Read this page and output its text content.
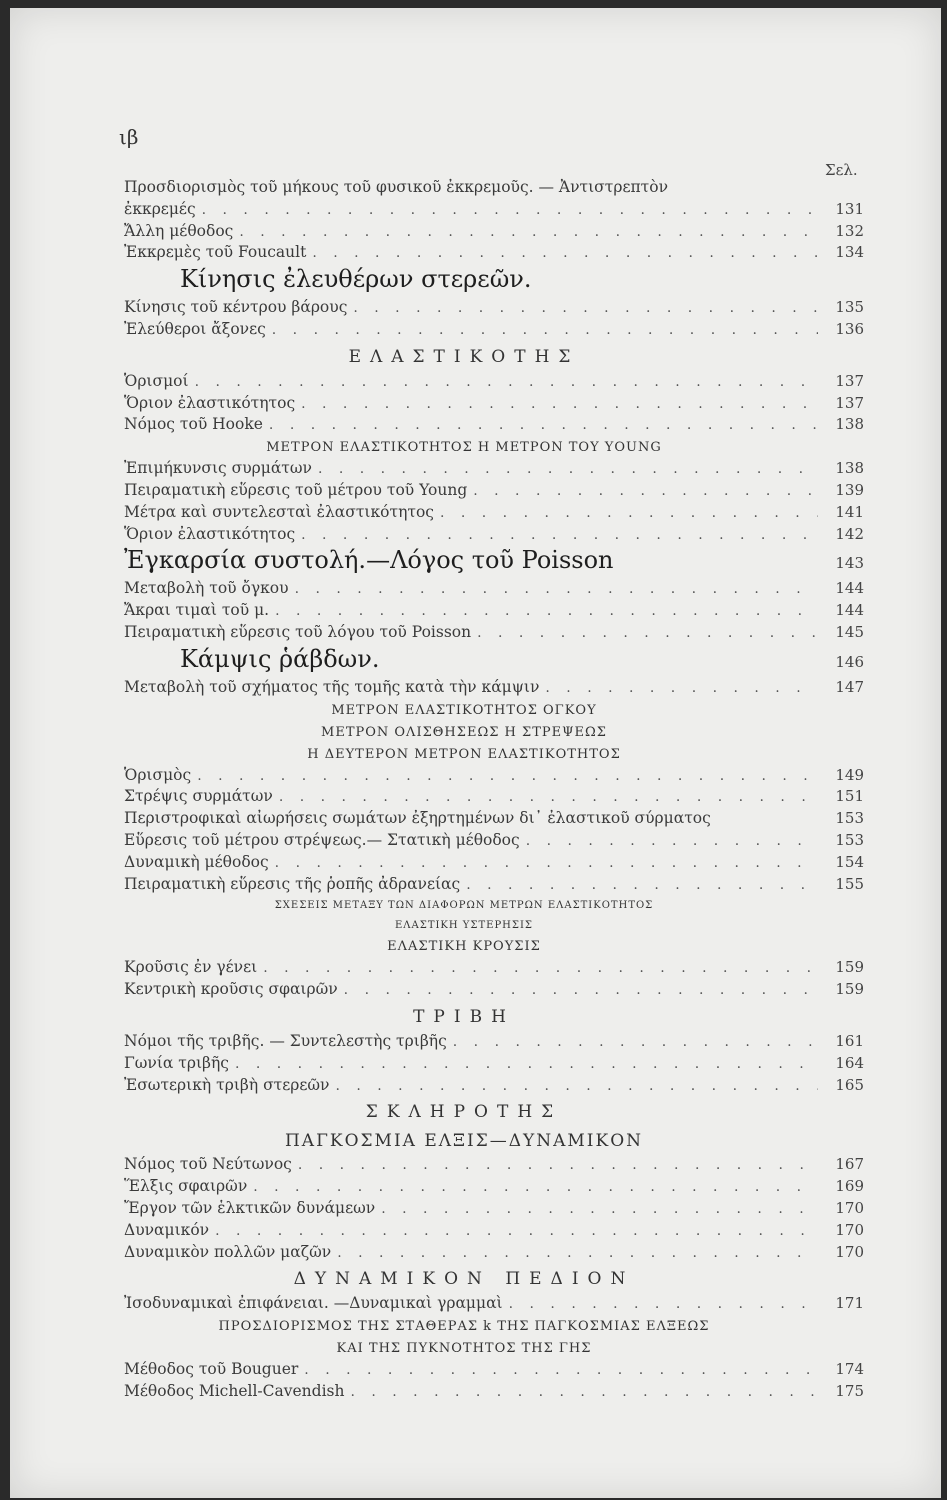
ιβ
Σελ.
Προσδιορισμὸς τοῦ μήκους τοῦ φυσικοῦ ἐκκρεμοῦς. — Ἀντιστρεπτὸν
ἐκκρεμές . . .	131
Ἄλλη μέθοδος . . .	132
Ἐκκρεμὲς τοῦ Foucault . . .	134
Κίνησις ἐλευθέρων στερεῶν.
Κίνησις τοῦ κέντρου βάρους . . .	135
Ἐλεύθεροι ἄξονες . . .	136
ΕΛΑΣΤΙΚΟΤΗΣ
Ὁρισμοί . . .	137
Ὅριον ἐλαστικότητος . . .	137
Νόμος τοῦ Hooke . . .	138
ΜΕΤΡΟΝ ΕΛΑΣΤΙΚΟΤΗΤΟΣ Η ΜΕΤΡΟΝ ΤΟΥ YOUNG
Ἐπιμήκυνσις συρμάτων . . .	138
Πειραματικὴ εὕρεσις τοῦ μέτρου τοῦ Young . . .	139
Μέτρα καὶ συντελεσταὶ ἐλαστικότητος . . .	141
Ὅριον ἐλαστικότητος . . .	142
Ἐγκαρσία συστολή.—Λόγος τοῦ Poisson	143
Μεταβολὴ τοῦ ὄγκου . . .	144
Ἄκραι τιμαὶ τοῦ μ. . . .	144
Πειραματικὴ εὕρεσις τοῦ λόγου τοῦ Poisson . . .	145
Κάμψις ῥάβδων.	146
Μεταβολὴ τοῦ σχήματος τῆς τομῆς κατὰ τὴν κάμψιν . . .	147
ΜΕΤΡΟΝ ΕΛΑΣΤΙΚΟΤΗΤΟΣ ΟΓΚΟΥ
ΜΕΤΡΟΝ ΟΛΙΣΘΗΣΕΩΣ Η ΣΤΡΕΨΕΩΣ
Η ΔΕΥΤΕΡΟΝ ΜΕΤΡΟΝ ΕΛΑΣΤΙΚΟΤΗΤΟΣ
Ὁρισμὸς . . .	149
Στρέψις συρμάτων . . .	151
Περιστροφικαὶ αἰωρήσεις σωμάτων ἐξηρτημένων δι᾽ ἐλαστικοῦ σύρματος	153
Εὕρεσις τοῦ μέτρου στρέψεως.— Στατικὴ μέθοδος . . .	153
Δυναμικὴ μέθοδος . . .	154
Πειραματικὴ εὕρεσις τῆς ῥοπῆς ἀδρανείας . . .	155
ΣΧΕΣΕΙΣ ΜΕΤΑΞΥ ΤΩΝ ΔΙΑΦΟΡΩΝ ΜΕΤΡΩΝ ΕΛΑΣΤΙΚΟΤΗΤΟΣ
ΕΛΑΣΤΙΚΗ ΥΣΤΕΡΗΣΙΣ
ΕΛΑΣΤΙΚΗ ΚΡΟΥΣΙΣ
Κροῦσις ἐν γένει . . .	159
Κεντρικὴ κροῦσις σφαιρῶν . . .	159
ΤΡΙΒΗ
Νόμοι τῆς τριβῆς. — Συντελεστὴς τριβῆς . . .	161
Γωνία τριβῆς . . .	164
Ἐσωτερικὴ τριβὴ στερεῶν . . .	165
ΣΚΛΗΡΟΤΗΣ
ΠΑΓΚΟΣΜΙΑ ΕΛΞΙΣ—ΔΥΝΑΜΙΚΟΝ
Νόμος τοῦ Νεύτωνος . . .	167
Ἕλξις σφαιρῶν . . .	169
Ἔργον τῶν ἑλκτικῶν δυνάμεων . . .	170
Δυναμικόν . . .	170
Δυναμικὸν πολλῶν μαζῶν . . .	170
ΔΥΝΑΜΙΚΟΝ ΠΕΔΙΟΝ
Ἰσοδυναμικαὶ ἐπιφάνειαι. —Δυναμικαὶ γραμμαὶ . . .	171
ΠΡΟΣΔΙΟΡΙΣΜΟΣ ΤΗΣ ΣΤΑΘΕΡΑΣ k ΤΗΣ ΠΑΓΚΟΣΜΙΑΣ ΕΛΞΕΩΣ
ΚΑΙ ΤΗΣ ΠΥΚΝΟΤΗΤΟΣ ΤΗΣ ΓΗΣ
Μέθοδος τοῦ Bouguer . . .	174
Μέθοδος Michell-Cavendish . . .	175
